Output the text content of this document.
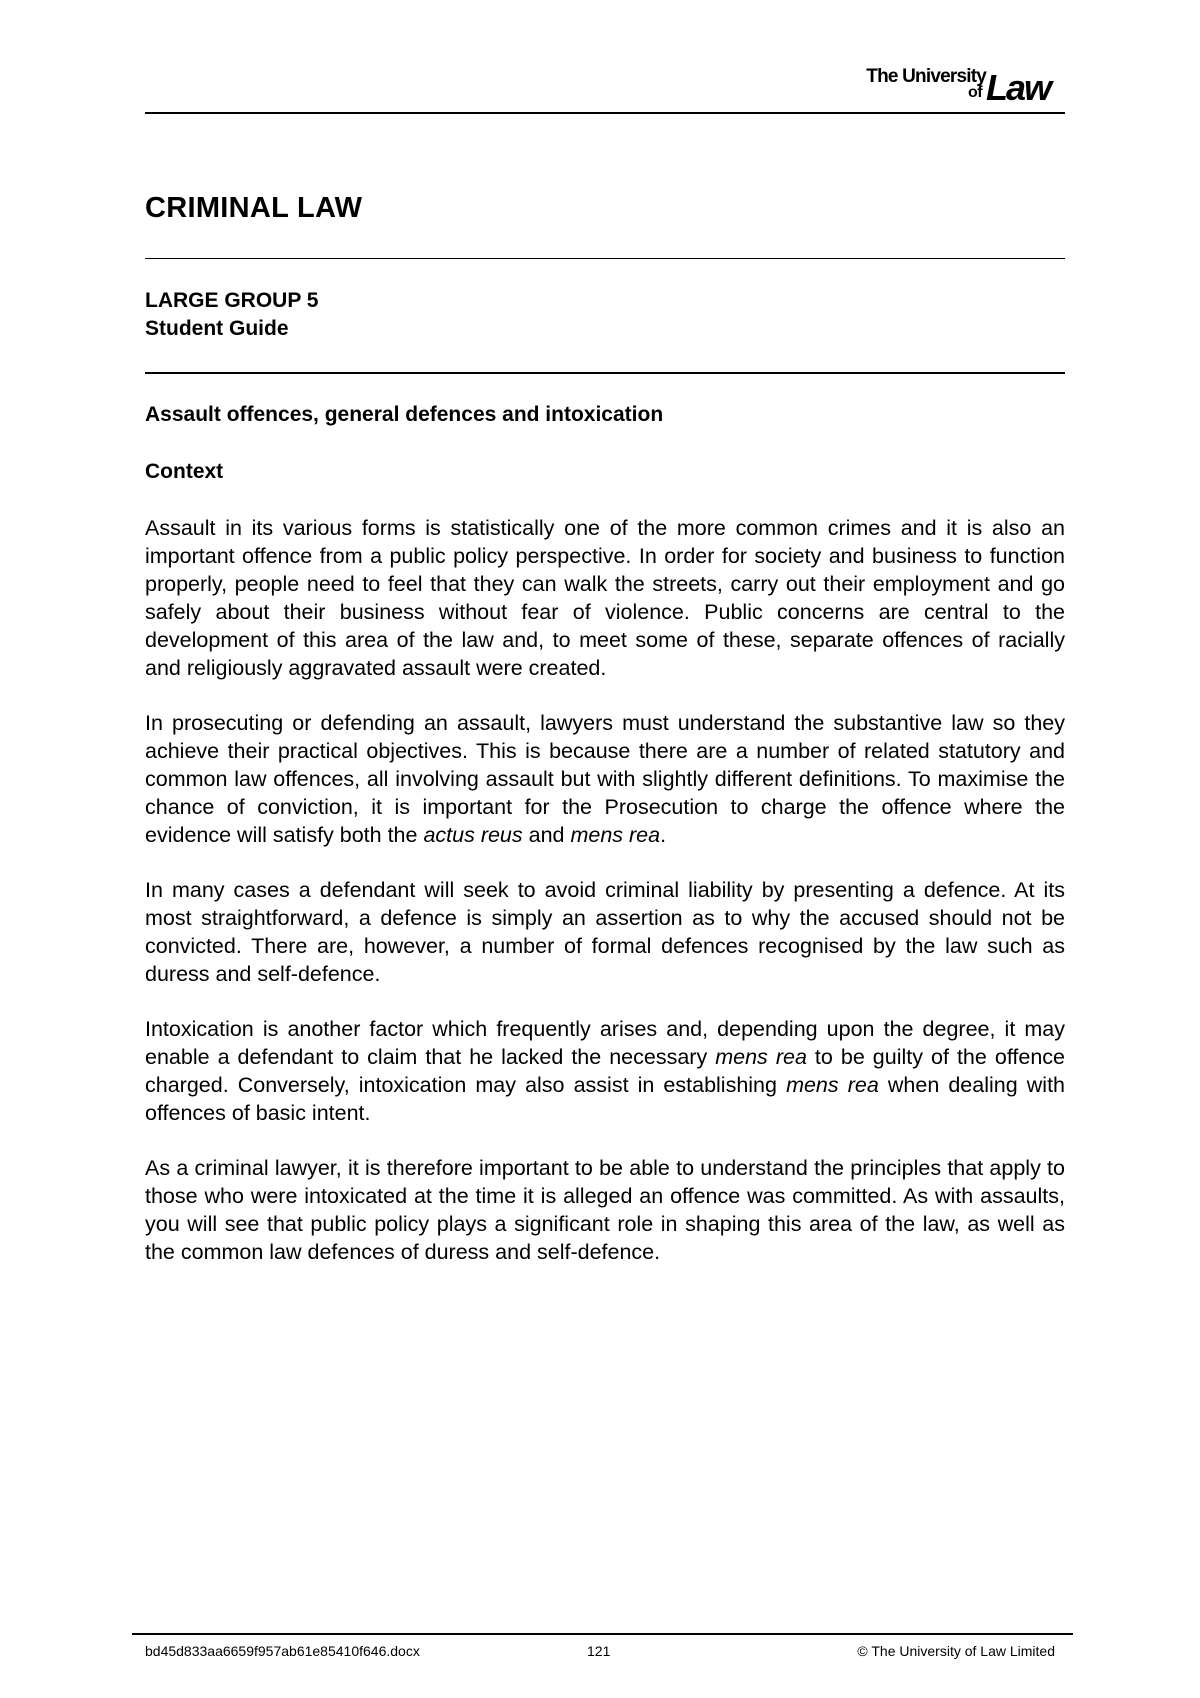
The University
of Law
CRIMINAL LAW
LARGE GROUP 5
Student Guide
Assault offences, general defences and intoxication
Context

Assault in its various forms is statistically one of the more common crimes and it is also an important offence from a public policy perspective. In order for society and business to function properly, people need to feel that they can walk the streets, carry out their employment and go safely about their business without fear of violence. Public concerns are central to the development of this area of the law and, to meet some of these, separate offences of racially and religiously aggravated assault were created.

In prosecuting or defending an assault, lawyers must understand the substantive law so they achieve their practical objectives. This is because there are a number of related statutory and common law offences, all involving assault but with slightly different definitions. To maximise the chance of conviction, it is important for the Prosecution to charge the offence where the evidence will satisfy both the actus reus and mens rea.

In many cases a defendant will seek to avoid criminal liability by presenting a defence. At its most straightforward, a defence is simply an assertion as to why the accused should not be convicted. There are, however, a number of formal defences recognised by the law such as duress and self-defence.

Intoxication is another factor which frequently arises and, depending upon the degree, it may enable a defendant to claim that he lacked the necessary mens rea to be guilty of the offence charged. Conversely, intoxication may also assist in establishing mens rea when dealing with offences of basic intent.

As a criminal lawyer, it is therefore important to be able to understand the principles that apply to those who were intoxicated at the time it is alleged an offence was committed. As with assaults, you will see that public policy plays a significant role in shaping this area of the law, as well as the common law defences of duress and self-defence.

bd45d833aa6659f957ab61e85410f646.docx	121	© The University of Law Limited
